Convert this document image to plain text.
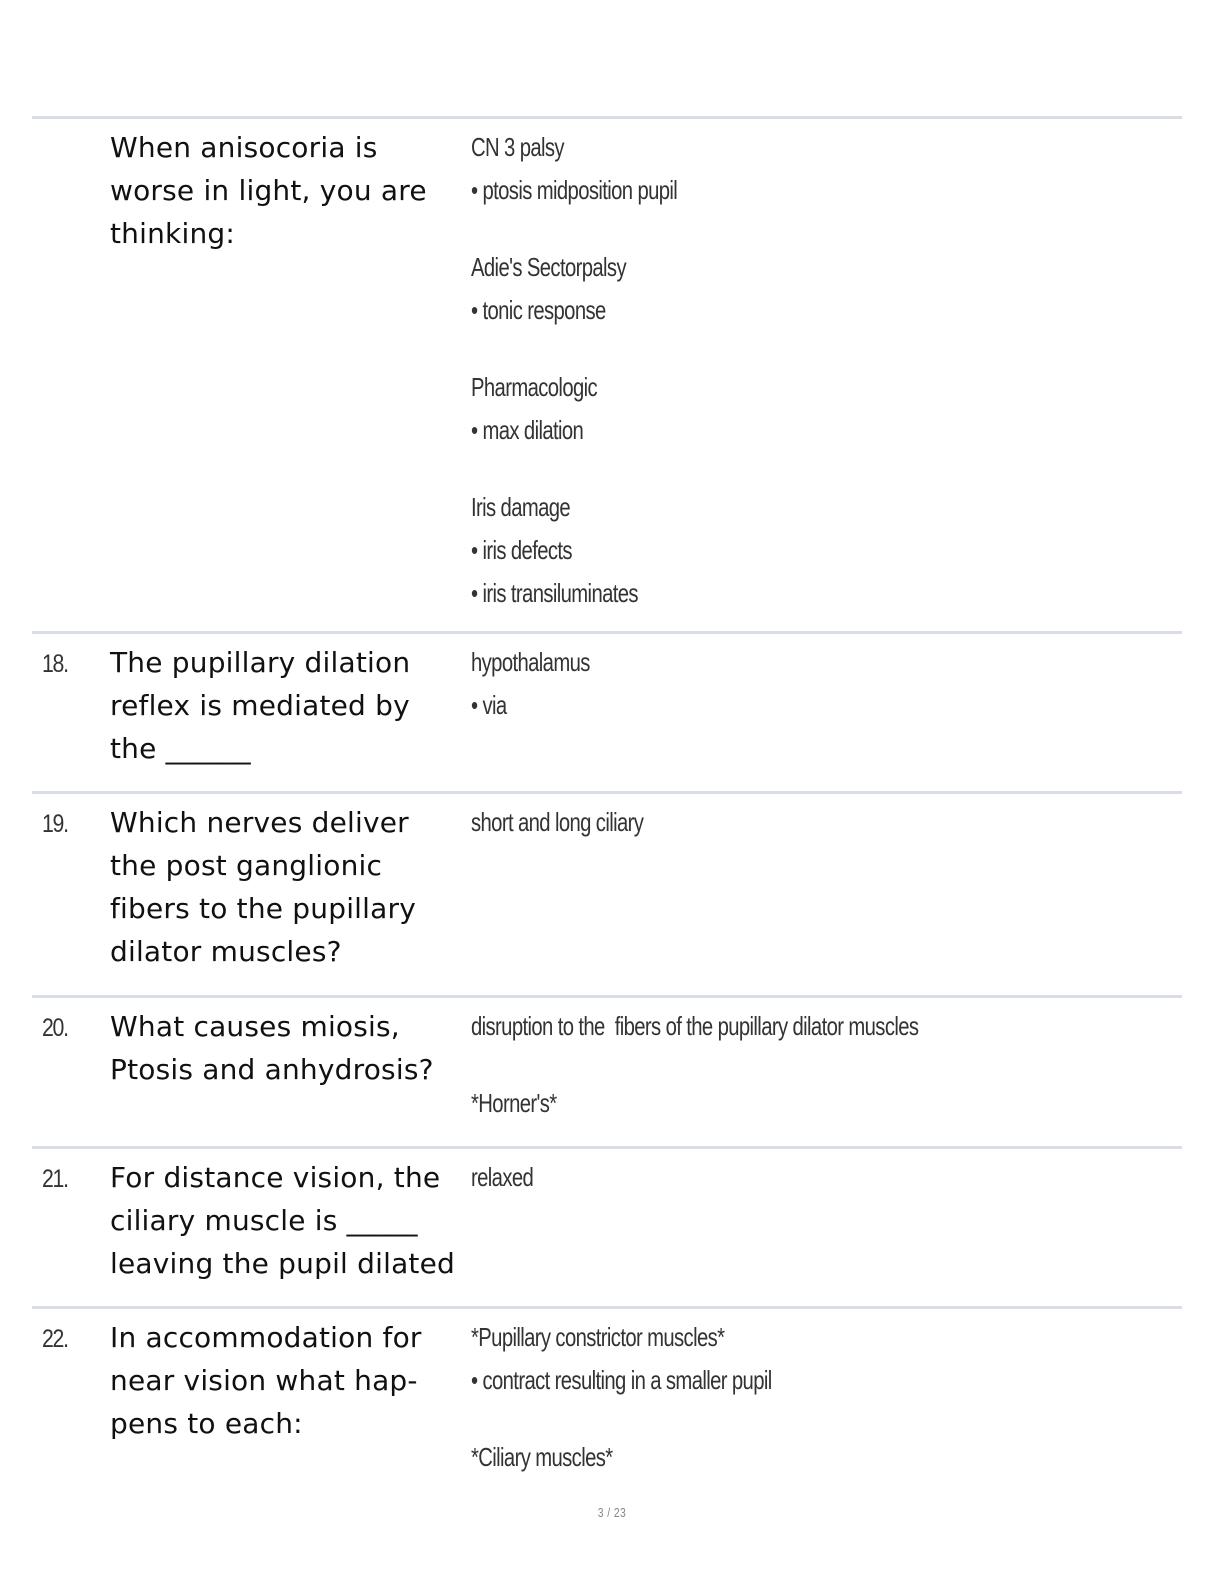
When anisocoria is
worse in light, you are
thinking:
CN 3 palsy
• ptosis midposition pupil
Adie's Sectorpalsy
• tonic response
Pharmacologic
• max dilation
Iris damage
• iris defects
• iris transiluminates
18. The pupillary dilation
reflex is mediated by
the ______
hypothalamus
• via
19. Which nerves deliver
the post ganglionic
fibers to the pupillary
dilator muscles?
short and long ciliary
20. What causes miosis,
Ptosis and anhydrosis?
disruption to the  fibers of the pupillary dilator muscles
*Horner's*
21. For distance vision, the
ciliary muscle is _____
leaving the pupil dilated
relaxed
22. In accommodation for
near vision what hap-
pens to each:
*Pupillary constrictor muscles*
• contract resulting in a smaller pupil
*Ciliary muscles*
3 / 23
